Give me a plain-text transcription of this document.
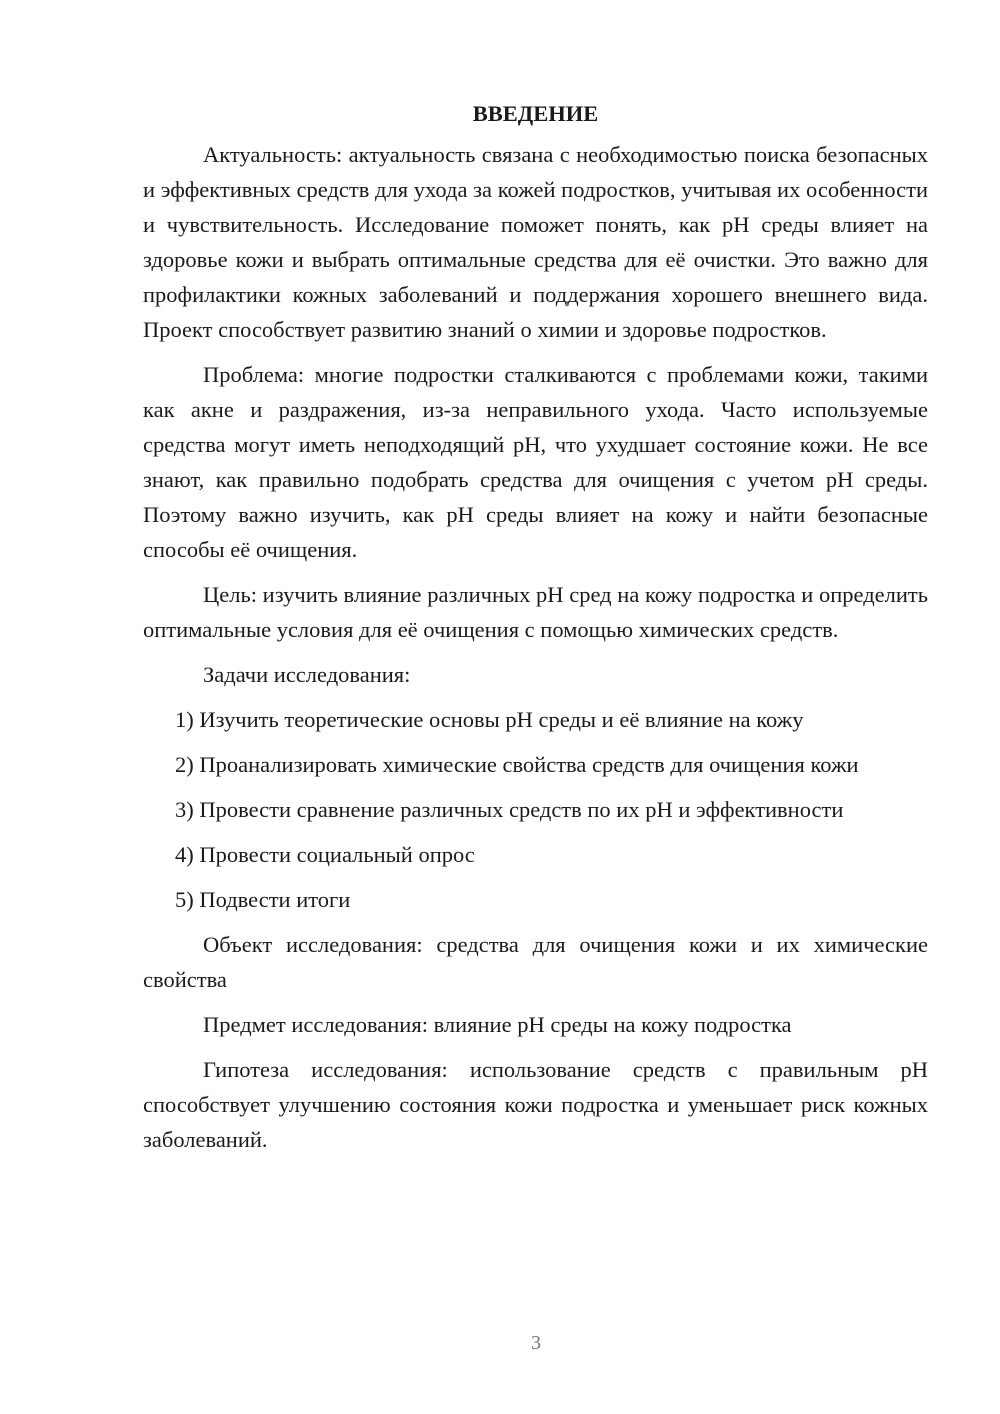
ВВЕДЕНИЕ

Актуальность: актуальность связана с необходимостью поиска безопасных и эффективных средств для ухода за кожей подростков, учитывая их особенности и чувствительность. Исследование поможет понять, как pH среды влияет на здоровье кожи и выбрать оптимальные средства для её очистки. Это важно для профилактики кожных заболеваний и поддержания хорошего внешнего вида. Проект способствует развитию знаний о химии и здоровье подростков.

Проблема: многие подростки сталкиваются с проблемами кожи, такими как акне и раздражения, из-за неправильного ухода. Часто используемые средства могут иметь неподходящий pH, что ухудшает состояние кожи. Не все знают, как правильно подобрать средства для очищения с учетом pH среды. Поэтому важно изучить, как pH среды влияет на кожу и найти безопасные способы её очищения.

Цель: изучить влияние различных pH сред на кожу подростка и определить оптимальные условия для её очищения с помощью химических средств.

Задачи исследования:

1) Изучить теоретические основы pH среды и её влияние на кожу

2) Проанализировать химические свойства средств для очищения кожи

3) Провести сравнение различных средств по их pH и эффективности

4) Провести социальный опрос

5) Подвести итоги

Объект исследования: средства для очищения кожи и их химические свойства

Предмет исследования: влияние pH среды на кожу подростка

Гипотеза исследования: использование средств с правильным pH способствует улучшению состояния кожи подростка и уменьшает риск кожных заболеваний.

3
